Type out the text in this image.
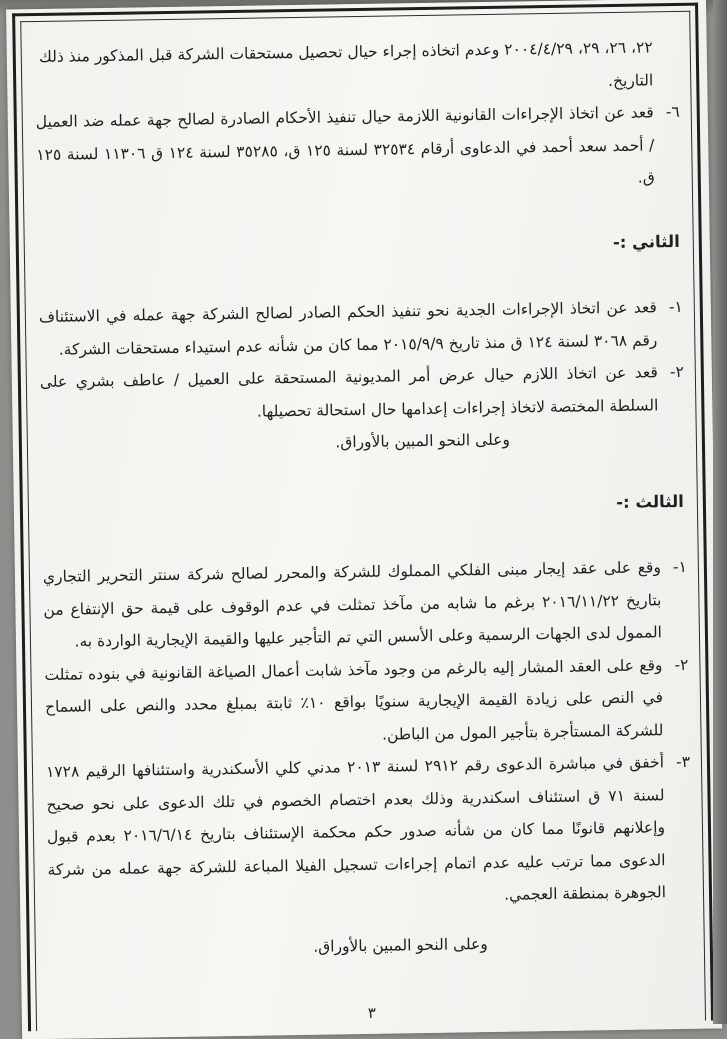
٢٢، ٢٦، ٢٩، ٢٠٠٤/٤/٢٩ وعدم اتخاذه إجراء حيال تحصيل مستحقات الشركة قبل المذكور منذ ذلك

التاريخ.

٦-
قعد عن اتخاذ الإجراءات القانونية اللازمة حيال تنفيذ الأحكام الصادرة لصالح جهة عمله ضد العميل / أحمد سعد أحمد في الدعاوى أرقام ٣٢٥٣٤ لسنة ١٢٥ ق، ٣٥٢٨٥ لسنة ١٢٤ ق ١١٣٠٦ لسنة ١٢٥ ق.

الثاني :-

١-
قعد عن اتخاذ الإجراءات الجدية نحو تنفيذ الحكم الصادر لصالح الشركة جهة عمله في الاستئناف رقم ٣٠٦٨ لسنة ١٢٤ ق منذ تاريخ ٢٠١٥/٩/٩ مما كان من شأنه عدم استيداء مستحقات الشركة.
٢-
قعد عن اتخاذ اللازم حيال عرض أمر المديونية المستحقة على العميل / عاطف بشري على السلطة المختصة لاتخاذ إجراءات إعدامها حال استحالة تحصيلها.

وعلى النحو المبين بالأوراق.

الثالث :-

١-
وقع على عقد إيجار مبنى الفلكي المملوك للشركة والمحرر لصالح شركة سنتر التحرير التجاري بتاريخ ٢٠١٦/١١/٢٢ برغم ما شابه من مآخذ تمثلت في عدم الوقوف على قيمة حق الإنتفاع من الممول لدى الجهات الرسمية وعلى الأسس التي تم التأجير عليها والقيمة الإيجارية الواردة به.
٢-
وقع على العقد المشار إليه بالرغم من وجود مآخذ شابت أعمال الصياغة القانونية في بنوده تمثلت في النص على زيادة القيمة الإيجارية سنويًا بواقع ١٠٪ ثابتة بمبلغ محدد والنص على السماح للشركة المستأجرة بتأجير المول من الباطن.
٣-
أخفق في مباشرة الدعوى رقم ٢٩١٢ لسنة ٢٠١٣ مدني كلي الأسكندرية واستئنافها الرقيم ١٧٢٨ لسنة ٧١ ق استئناف اسكندرية وذلك بعدم اختصام الخصوم في تلك الدعوى على نحو صحيح وإعلانهم قانونًا مما كان من شأنه صدور حكم محكمة الإستئناف بتاريخ ٢٠١٦/٦/١٤ بعدم قبول الدعوى مما ترتب عليه عدم اتمام إجراءات تسجيل الفيلا المباعة للشركة جهة عمله من شركة الجوهرة بمنطقة العجمي.

وعلى النحو المبين بالأوراق.

٣
